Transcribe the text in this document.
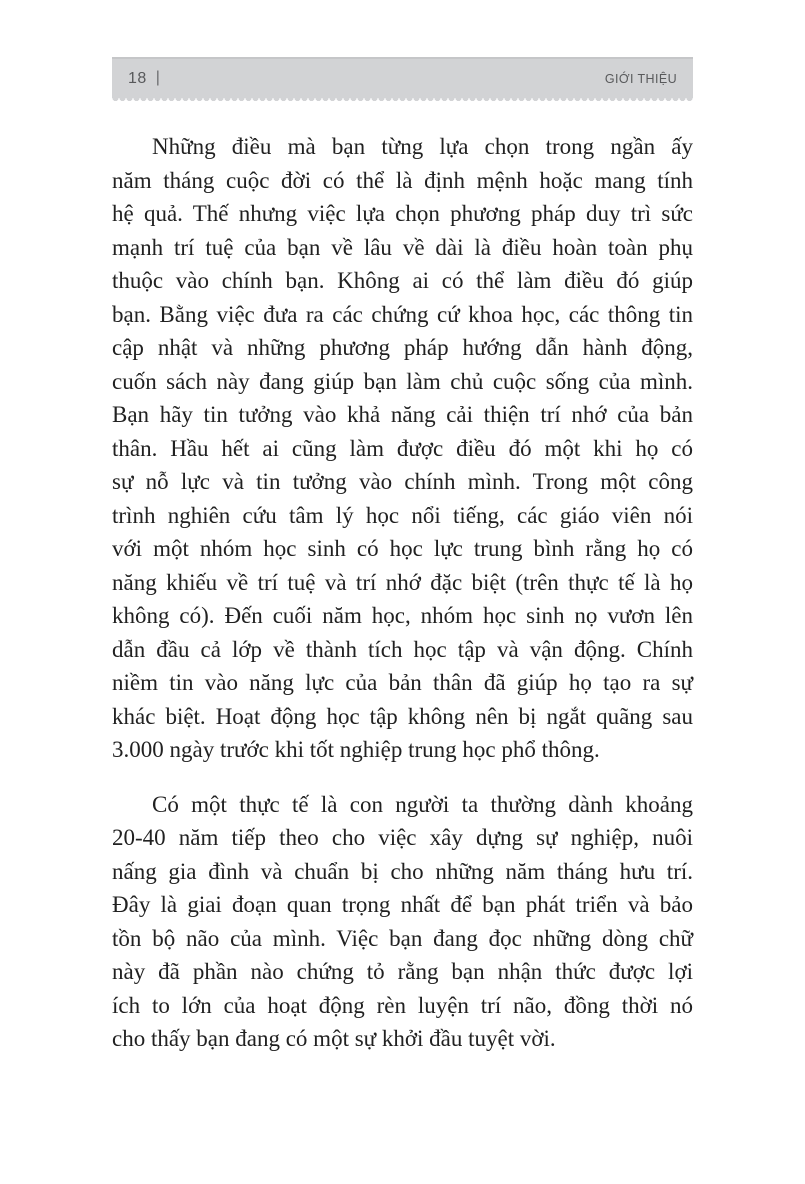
18 |	GIỚI THIỆU
Những điều mà bạn từng lựa chọn trong ngần ấy
năm tháng cuộc đời có thể là định mệnh hoặc mang tính
hệ quả. Thế nhưng việc lựa chọn phương pháp duy trì sức
mạnh trí tuệ của bạn về lâu về dài là điều hoàn toàn phụ
thuộc vào chính bạn. Không ai có thể làm điều đó giúp
bạn. Bằng việc đưa ra các chứng cứ khoa học, các thông tin
cập nhật và những phương pháp hướng dẫn hành động,
cuốn sách này đang giúp bạn làm chủ cuộc sống của mình.
Bạn hãy tin tưởng vào khả năng cải thiện trí nhớ của bản
thân. Hầu hết ai cũng làm được điều đó một khi họ có
sự nỗ lực và tin tưởng vào chính mình. Trong một công
trình nghiên cứu tâm lý học nổi tiếng, các giáo viên nói
với một nhóm học sinh có học lực trung bình rằng họ có
năng khiếu về trí tuệ và trí nhớ đặc biệt (trên thực tế là họ
không có). Đến cuối năm học, nhóm học sinh nọ vươn lên
dẫn đầu cả lớp về thành tích học tập và vận động. Chính
niềm tin vào năng lực của bản thân đã giúp họ tạo ra sự
khác biệt. Hoạt động học tập không nên bị ngắt quãng sau
3.000 ngày trước khi tốt nghiệp trung học phổ thông.
Có một thực tế là con người ta thường dành khoảng
20-40 năm tiếp theo cho việc xây dựng sự nghiệp, nuôi
nấng gia đình và chuẩn bị cho những năm tháng hưu trí.
Đây là giai đoạn quan trọng nhất để bạn phát triển và bảo
tồn bộ não của mình. Việc bạn đang đọc những dòng chữ
này đã phần nào chứng tỏ rằng bạn nhận thức được lợi
ích to lớn của hoạt động rèn luyện trí não, đồng thời nó
cho thấy bạn đang có một sự khởi đầu tuyệt vời.
